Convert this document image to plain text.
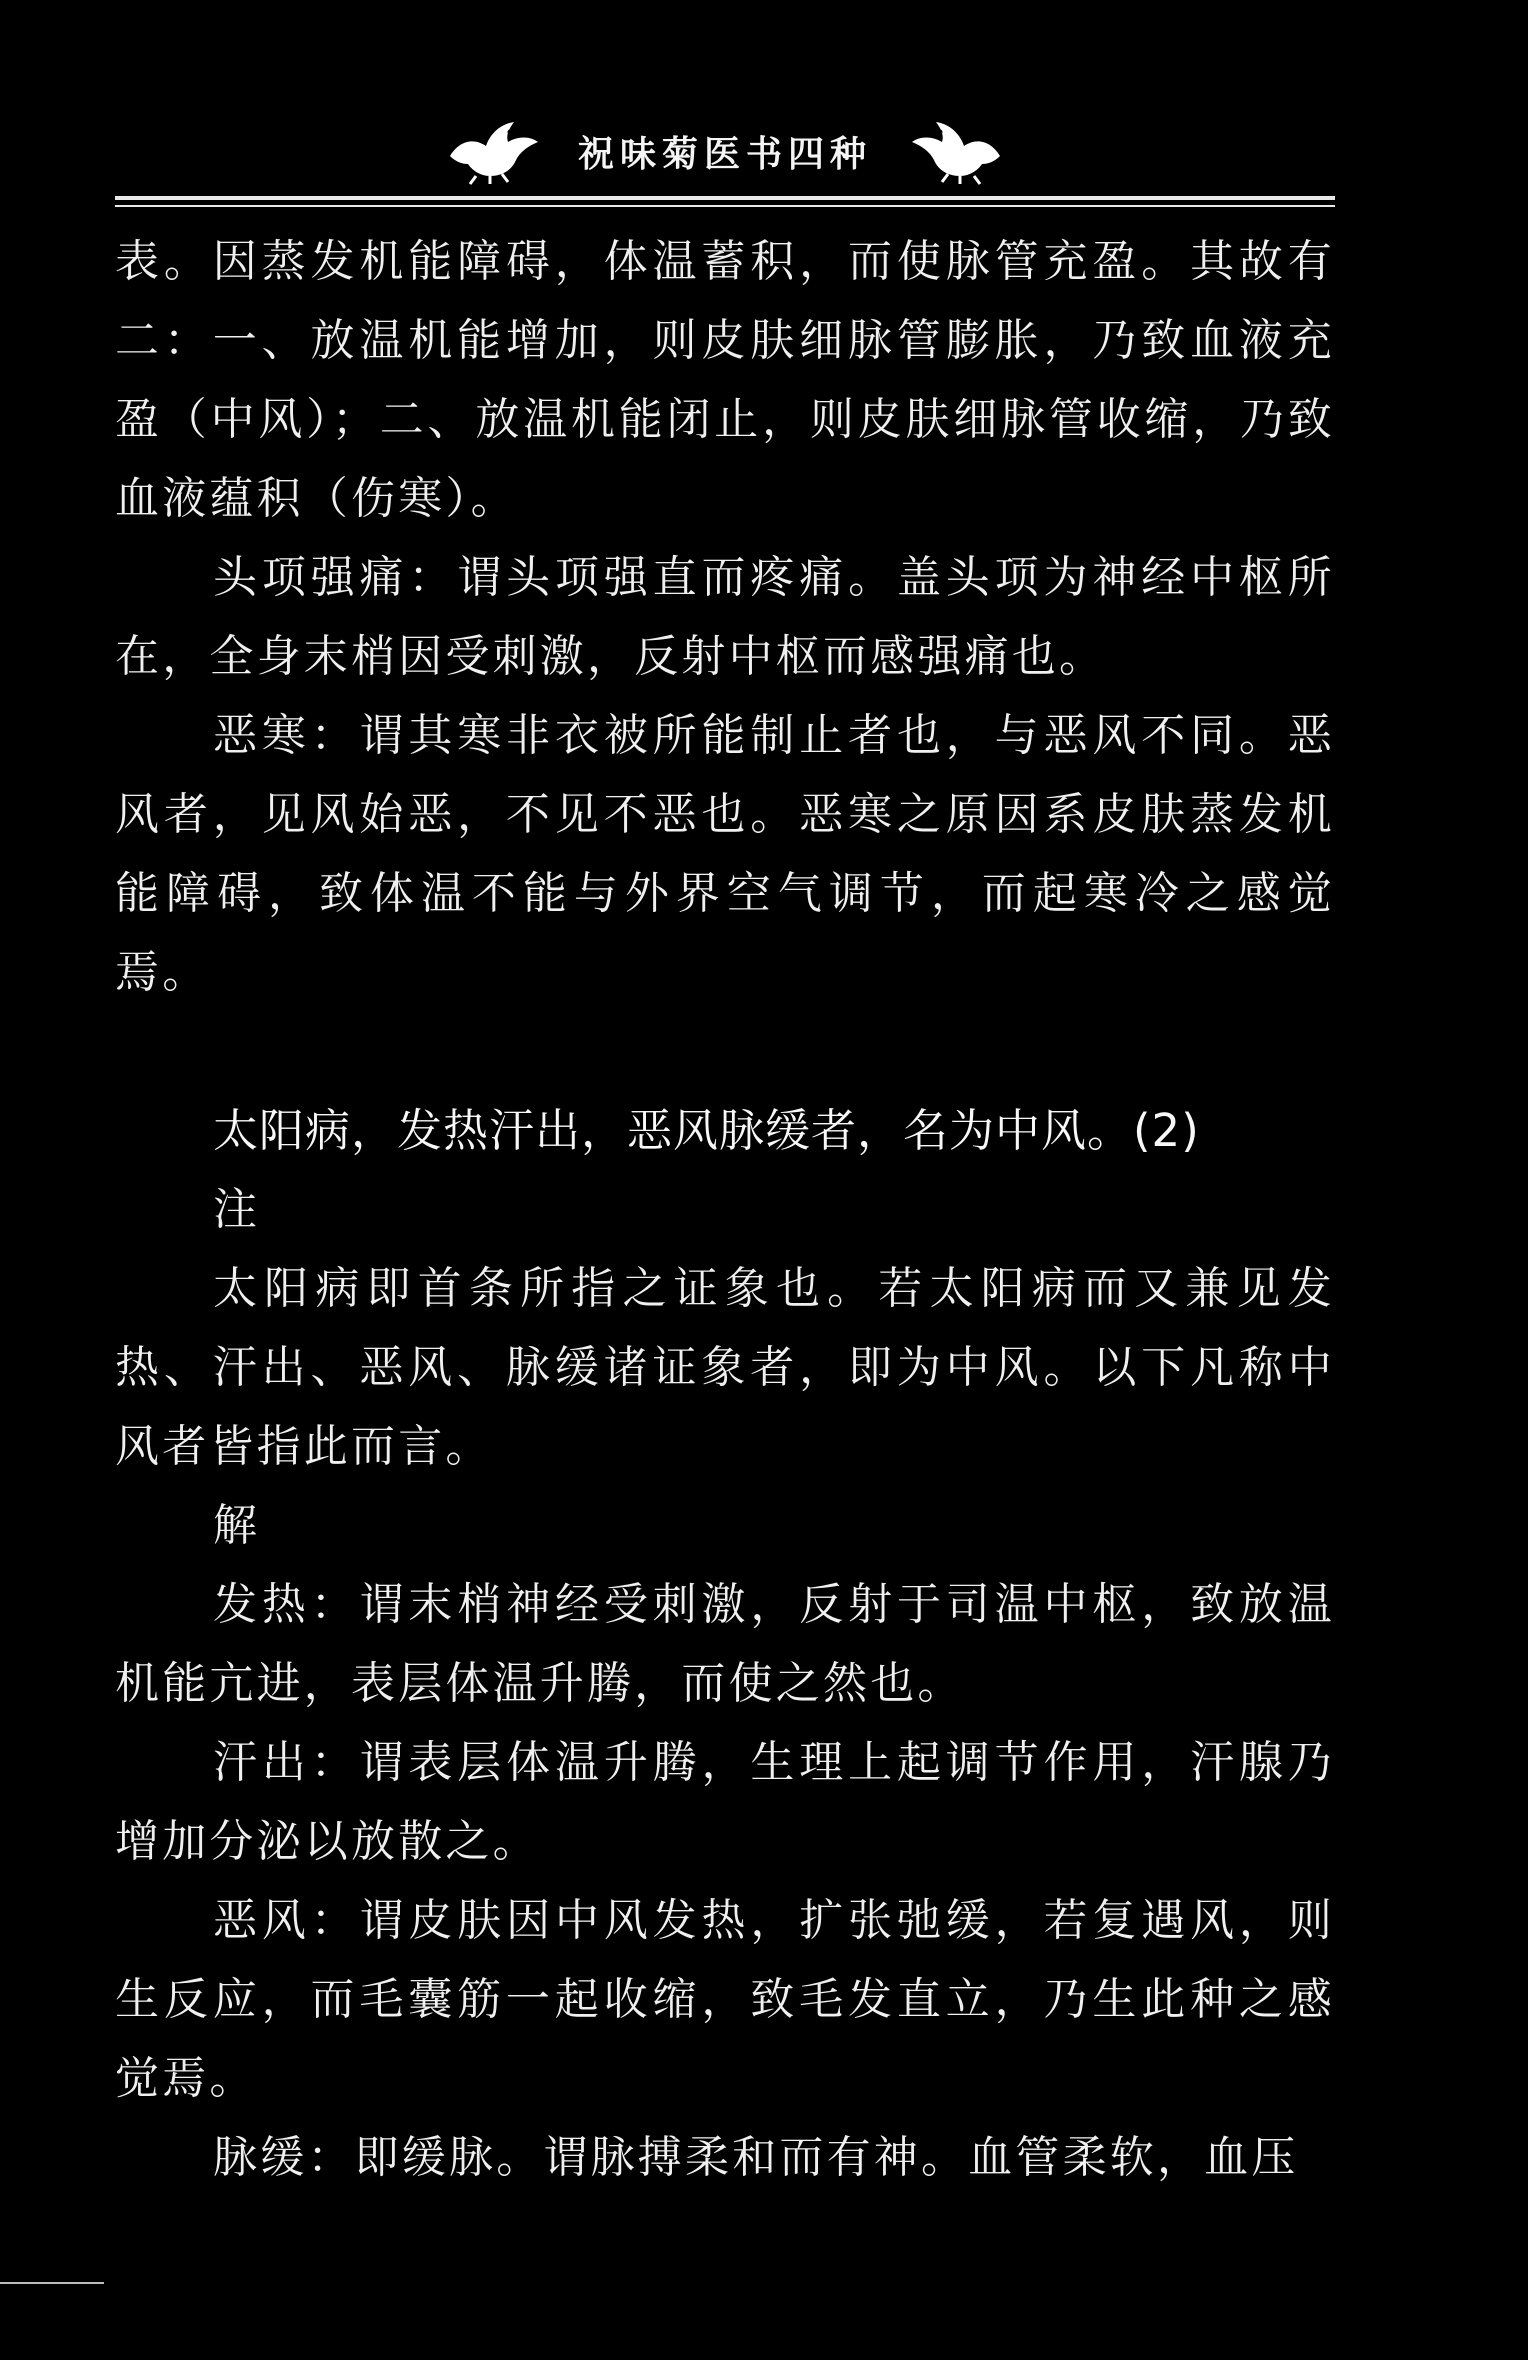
祝味菊医书四种

表。因蒸发机能障碍，体温蓄积，而使脉管充盈。其故有二：一、放温机能增加，则皮肤细脉管膨胀，乃致血液充盈（中风）；二、放温机能闭止，则皮肤细脉管收缩，乃致血液蕴积（伤寒）。

头项强痛：谓头项强直而疼痛。盖头项为神经中枢所在，全身末梢因受刺激，反射中枢而感强痛也。

恶寒：谓其寒非衣被所能制止者也，与恶风不同。恶风者，见风始恶，不见不恶也。恶寒之原因系皮肤蒸发机能障碍，致体温不能与外界空气调节，而起寒冷之感觉焉。

太阳病，发热汗出，恶风脉缓者，名为中风。(2)

注

太阳病即首条所指之证象也。若太阳病而又兼见发热、汗出、恶风、脉缓诸证象者，即为中风。以下凡称中风者皆指此而言。

解

发热：谓末梢神经受刺激，反射于司温中枢，致放温机能亢进，表层体温升腾，而使之然也。

汗出：谓表层体温升腾，生理上起调节作用，汗腺乃增加分泌以放散之。

恶风：谓皮肤因中风发热，扩张弛缓，若复遇风，则生反应，而毛囊筋一起收缩，致毛发直立，乃生此种之感觉焉。

脉缓：即缓脉。谓脉搏柔和而有神。血管柔软，血压
